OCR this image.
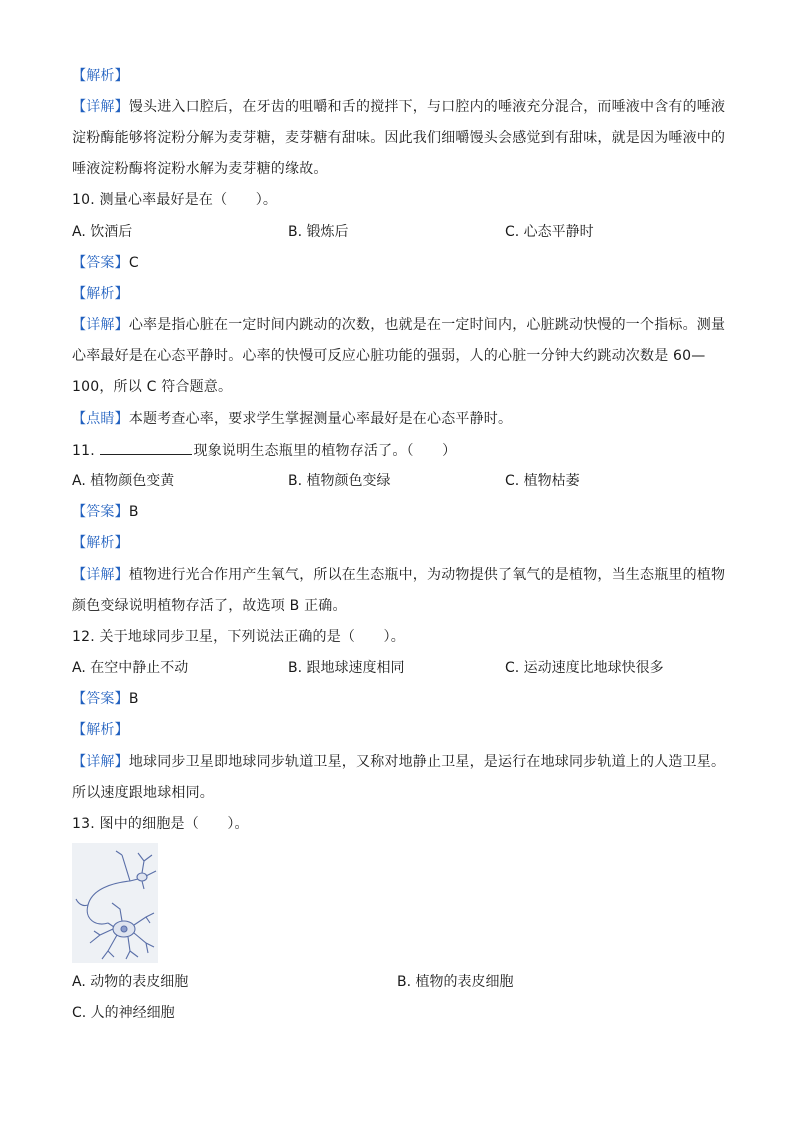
【解析】
【详解】馒头进入口腔后，在牙齿的咀嚼和舌的搅拌下，与口腔内的唾液充分混合，而唾液中含有的唾液
淀粉酶能够将淀粉分解为麦芽糖，麦芽糖有甜味。因此我们细嚼馒头会感觉到有甜味，就是因为唾液中的
唾液淀粉酶将淀粉水解为麦芽糖的缘故。
10. 测量心率最好是在（　　）。
A. 饮酒后	B. 锻炼后	C. 心态平静时
【答案】C
【解析】
【详解】心率是指心脏在一定时间内跳动的次数，也就是在一定时间内，心脏跳动快慢的一个指标。测量
心率最好是在心态平静时。心率的快慢可反应心脏功能的强弱，人的心脏一分钟大约跳动次数是 60—
100，所以 C 符合题意。
【点睛】本题考查心率，要求学生掌握测量心率最好是在心态平静时。
11.	现象说明生态瓶里的植物存活了。（　　）
A. 植物颜色变黄	B. 植物颜色变绿	C. 植物枯萎
【答案】B
【解析】
【详解】植物进行光合作用产生氧气，所以在生态瓶中，为动物提供了氧气的是植物，当生态瓶里的植物
颜色变绿说明植物存活了，故选项 B 正确。
12. 关于地球同步卫星，下列说法正确的是（　　）。
A. 在空中静止不动	B. 跟地球速度相同	C. 运动速度比地球快很多
【答案】B
【解析】
【详解】地球同步卫星即地球同步轨道卫星，又称对地静止卫星，是运行在地球同步轨道上的人造卫星。
所以速度跟地球相同。
13. 图中的细胞是（　　）。
A. 动物的表皮细胞	B. 植物的表皮细胞
C. 人的神经细胞
